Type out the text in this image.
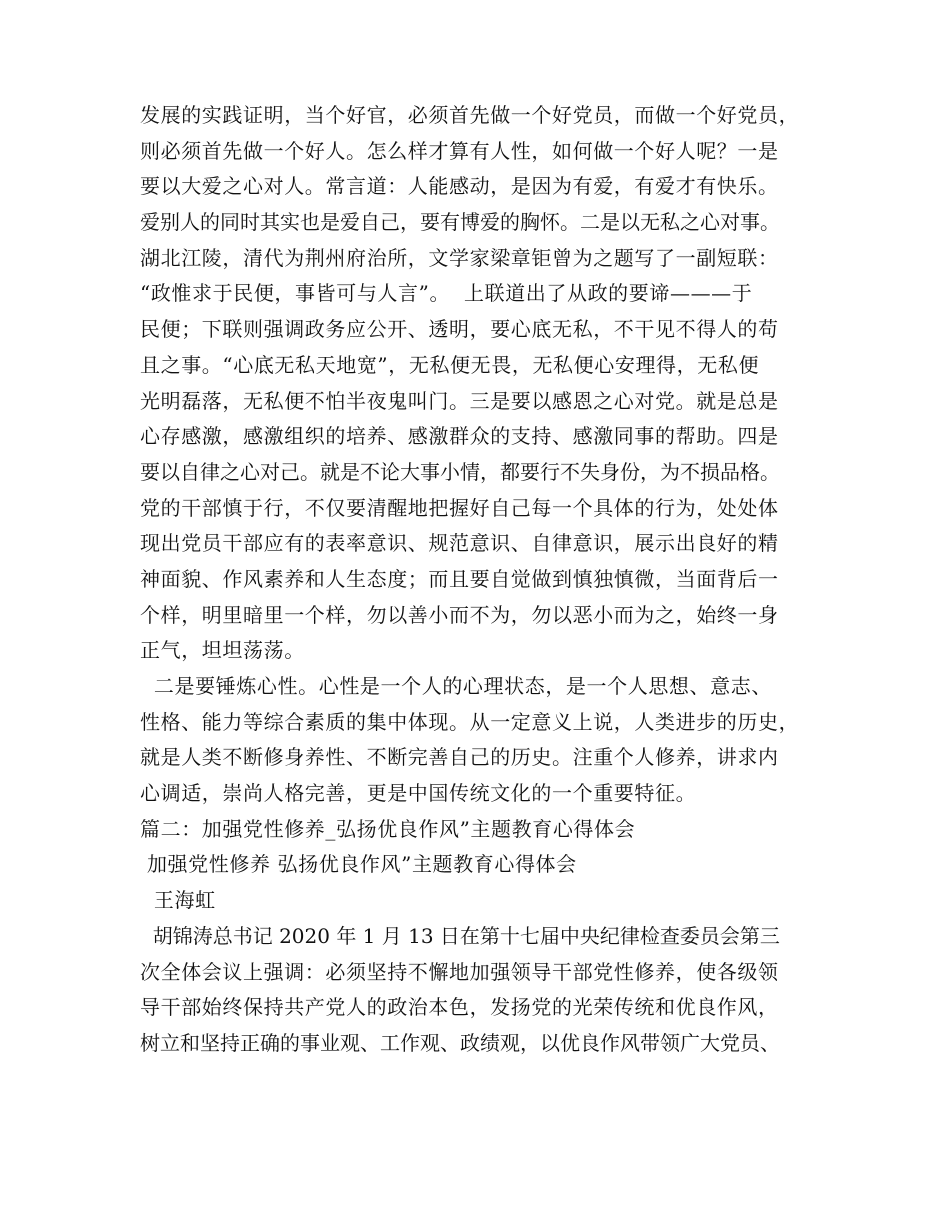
发展的实践证明，当个好官，必须首先做一个好党员，而做一个好党员，
则必须首先做一个好人。怎么样才算有人性，如何做一个好人呢？一是
要以大爱之心对人。常言道：人能感动，是因为有爱，有爱才有快乐。
爱别人的同时其实也是爱自己，要有博爱的胸怀。二是以无私之心对事。
湖北江陵，清代为荆州府治所，文学家梁章钜曾为之题写了一副短联：
“政惟求于民便，事皆可与人言”。  上联道出了从政的要谛———于
民便；下联则强调政务应公开、透明，要心底无私，不干见不得人的苟
且之事。“心底无私天地宽”，无私便无畏，无私便心安理得，无私便
光明磊落，无私便不怕半夜鬼叫门。三是要以感恩之心对党。就是总是
心存感激，感激组织的培养、感激群众的支持、感激同事的帮助。四是
要以自律之心对己。就是不论大事小情，都要行不失身份，为不损品格。
党的干部慎于行，不仅要清醒地把握好自己每一个具体的行为，处处体
现出党员干部应有的表率意识、规范意识、自律意识，展示出良好的精
神面貌、作风素养和人生态度；而且要自觉做到慎独慎微，当面背后一
个样，明里暗里一个样，勿以善小而不为，勿以恶小而为之，始终一身
正气，坦坦荡荡。
二是要锤炼心性。心性是一个人的心理状态，是一个人思想、意志、
性格、能力等综合素质的集中体现。从一定意义上说，人类进步的历史，
就是人类不断修身养性、不断完善自己的历史。注重个人修养，讲求内
心调适，崇尚人格完善，更是中国传统文化的一个重要特征。
篇二：加强党性修养_弘扬优良作风”主题教育心得体会
加强党性修养 弘扬优良作风”主题教育心得体会
王海虹
胡锦涛总书记 2020 年 1 月 13 日在第十七届中央纪律检查委员会第三
次全体会议上强调：必须坚持不懈地加强领导干部党性修养，使各级领
导干部始终保持共产党人的政治本色，发扬党的光荣传统和优良作风，
树立和坚持正确的事业观、工作观、政绩观，以优良作风带领广大党员、
